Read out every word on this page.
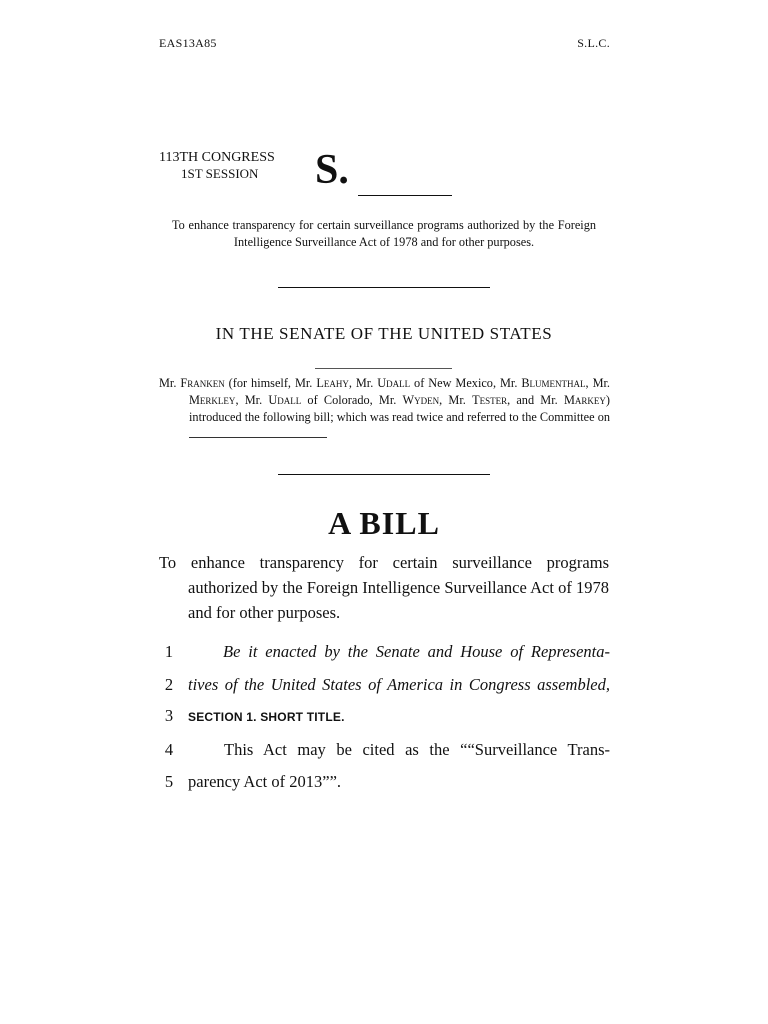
EAS13A85	S.L.C.
113TH CONGRESS
1ST SESSION	S.
To enhance transparency for certain surveillance programs authorized by the Foreign Intelligence Surveillance Act of 1978 and for other purposes.
IN THE SENATE OF THE UNITED STATES

Mr. Franken (for himself, Mr. Leahy, Mr. Udall of New Mexico, Mr. Blumenthal, Mr. Merkley, Mr. Udall of Colorado, Mr. Wyden, Mr. Tester, and Mr. Markey) introduced the following bill; which was read twice and referred to the Committee on

A BILL

To enhance transparency for certain surveillance programs authorized by the Foreign Intelligence Surveillance Act of 1978 and for other purposes.

1	Be it enacted by the Senate and House of Representa-
2 tives of the United States of America in Congress assembled,
3	SECTION 1. SHORT TITLE.
4	This Act may be cited as the ““Surveillance Trans-
5 parency Act of 2013””.
